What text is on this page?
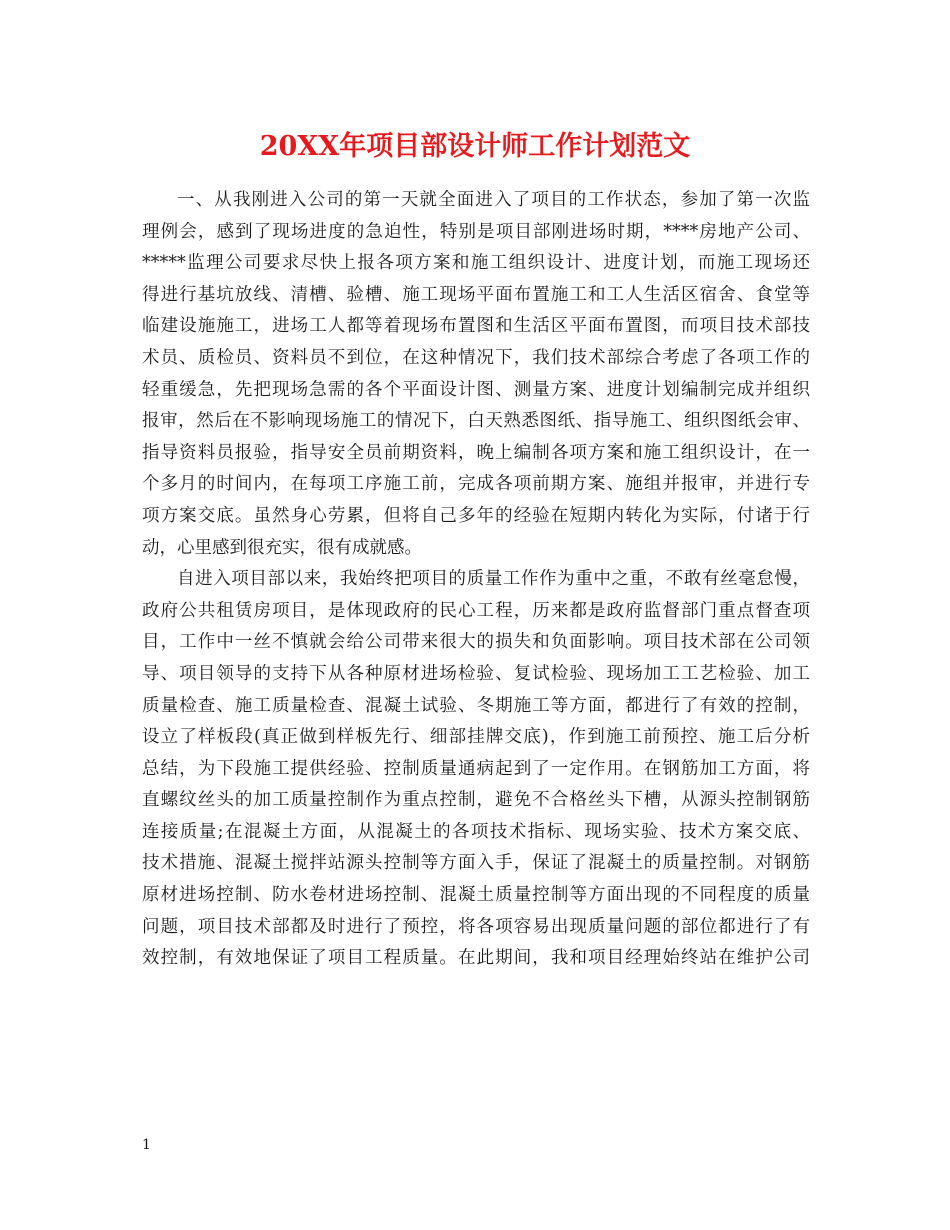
20XX年项目部设计师工作计划范文
一、从我刚进入公司的第一天就全面进入了项目的工作状态，参加了第一次监
理例会，感到了现场进度的急迫性，特别是项目部刚进场时期，****房地产公司、
*****监理公司要求尽快上报各项方案和施工组织设计、进度计划，而施工现场还
得进行基坑放线、清槽、验槽、施工现场平面布置施工和工人生活区宿舍、食堂等
临建设施施工，进场工人都等着现场布置图和生活区平面布置图，而项目技术部技
术员、质检员、资料员不到位，在这种情况下，我们技术部综合考虑了各项工作的
轻重缓急，先把现场急需的各个平面设计图、测量方案、进度计划编制完成并组织
报审，然后在不影响现场施工的情况下，白天熟悉图纸、指导施工、组织图纸会审、
指导资料员报验，指导安全员前期资料，晚上编制各项方案和施工组织设计，在一
个多月的时间内，在每项工序施工前，完成各项前期方案、施组并报审，并进行专
项方案交底。虽然身心劳累，但将自己多年的经验在短期内转化为实际，付诸于行
动，心里感到很充实，很有成就感。
自进入项目部以来，我始终把项目的质量工作作为重中之重，不敢有丝毫怠慢，
政府公共租赁房项目，是体现政府的民心工程，历来都是政府监督部门重点督查项
目，工作中一丝不慎就会给公司带来很大的损失和负面影响。项目技术部在公司领
导、项目领导的支持下从各种原材进场检验、复试检验、现场加工工艺检验、加工
质量检查、施工质量检查、混凝土试验、冬期施工等方面，都进行了有效的控制，
设立了样板段(真正做到样板先行、细部挂牌交底)，作到施工前预控、施工后分析
总结，为下段施工提供经验、控制质量通病起到了一定作用。在钢筋加工方面，将
直螺纹丝头的加工质量控制作为重点控制，避免不合格丝头下槽，从源头控制钢筋
连接质量;在混凝土方面，从混凝土的各项技术指标、现场实验、技术方案交底、
技术措施、混凝土搅拌站源头控制等方面入手，保证了混凝土的质量控制。对钢筋
原材进场控制、防水卷材进场控制、混凝土质量控制等方面出现的不同程度的质量
问题，项目技术部都及时进行了预控，将各项容易出现质量问题的部位都进行了有
效控制，有效地保证了项目工程质量。在此期间，我和项目经理始终站在维护公司
1
